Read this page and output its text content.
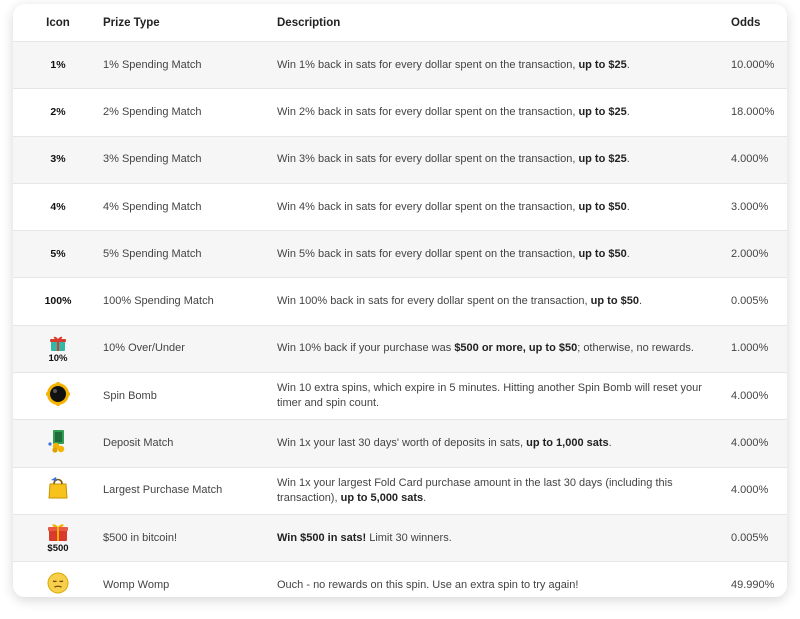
Icon	Prize Type	Description	Odds
1%	1% Spending Match	Win 1% back in sats for every dollar spent on the transaction, up to $25.	10.000%
2%	2% Spending Match	Win 2% back in sats for every dollar spent on the transaction, up to $25.	18.000%
3%	3% Spending Match	Win 3% back in sats for every dollar spent on the transaction, up to $25.	4.000%
4%	4% Spending Match	Win 4% back in sats for every dollar spent on the transaction, up to $50.	3.000%
5%	5% Spending Match	Win 5% back in sats for every dollar spent on the transaction, up to $50.	2.000%
100%	100% Spending Match	Win 100% back in sats for every dollar spent on the transaction, up to $50.	0.005%

10%	10% Over/Under	Win 10% back if your purchase was $500 or more, up to $50; otherwise, no rewards.	1.000%

	Spin Bomb	Win 10 extra spins, which expire in 5 minutes. Hitting another Spin Bomb will reset your timer and spin count.	4.000%

	Deposit Match	Win 1x your last 30 days' worth of deposits in sats, up to 1,000 sats.	4.000%

	Largest Purchase Match	Win 1x your largest Fold Card purchase amount in the last 30 days (including this transaction), up to 5,000 sats.	4.000%

$500	$500 in bitcoin!	Win $500 in sats! Limit 30 winners.	0.005%

	Womp Womp	Ouch - no rewards on this spin. Use an extra spin to try again!	49.990%
